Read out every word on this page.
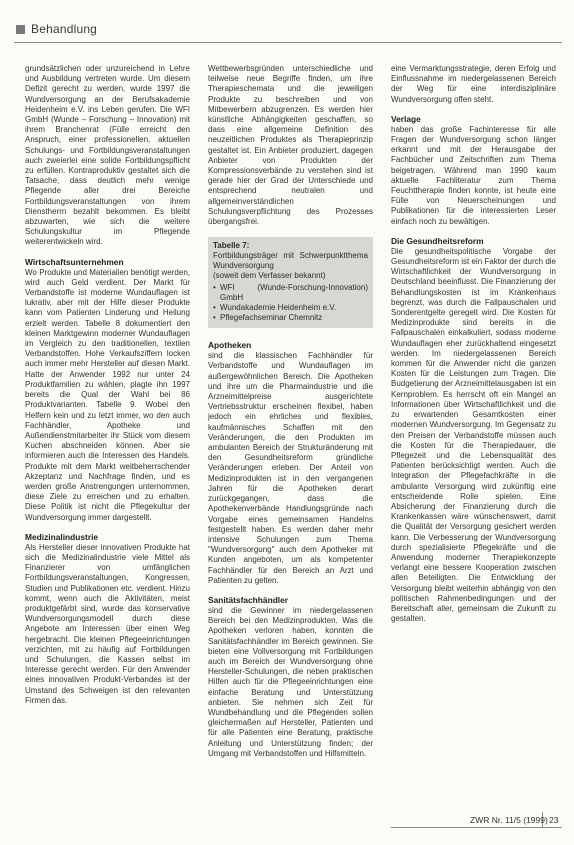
Behandlung

grundsätzlichen oder unzureichend in Lehre und Ausbildung vertreten wurde. Um diesem Defizit gerecht zu werden, wurde 1997 die Wundversorgung an der Berufsakademie Heidenheim e.V. ins Leben gerufen. Die WFI GmbH (Wunde – Forschung – Innovation) mit ihrem Branchenrat (Fülle erreicht den Anspruch, einer professionellen, aktuellen Schulungs- und Fortbildungsveranstaltungen auch zweierlei eine solide Fortbildungspflicht zu erfüllen. Kontraproduktiv gestaltet sich die Tatsache, dass deutlich mehr wenige Pflegende aller drei Bereiche Fortbildungsveranstaltungen von ihrem Dienstherrn bezahlt bekommen. Es bleibt abzuwarten, wie sich die weitere Schulungskultur im Pflegende weiterentwickeln wird.

Wirtschaftsunternehmen

Wo Produkte und Materialien benötigt werden, wird auch Geld verdient. Der Markt für Verbandstoffe ist moderne Wundauflagen ist lukrativ, aber mit der Hilfe dieser Produkte kann vom Patienten Linderung und Heilung erzielt werden. Tabelle 8 dokumentiert den kleinen Marktgewinn moderner Wundauflagen im Vergleich zu den traditionellen, textilen Verbandstoffen. Hohe Verkaufsziffern locken auch immer mehr Hersteller auf diesen Markt. Hatte der Anwender 1992 nur unter 24 Produktfamilien zu wählen, plagte ihn 1997 bereits die Qual der Wahl bei 86 Produktvarianten. Tabelle 9. Wobei den Helfern kein und zu letzt immer, wo den auch Fachhändler, Apotheke und Außendienstmitarbeiter ihr Stück vom diesem Kuchen abschneiden können. Aber sie informieren auch die Interessen des Handels. Produkte mit dem Markt weitbeherrschender Akzeptanz und Nachfrage finden, und es werden große Anstrengungen unternommen, diese Ziele zu erreichen und zu erhalten. Diese Politik ist nicht die Pflegekultur der Wundversorgung immer dargestellt.

Medizinalindustrie

Als Hersteller dieser innovativen Produkte hat sich die Medizinalindustrie viele Mittel als Finanzierer von umfänglichen Fortbildungsveranstaltungen, Kongressen, Studien und Publikationen etc. verdient. Hinzu kommt, wenn auch die Aktivitäten, meist produktgefärbt sind, wurde das konservative Wundversorgungsmodell durch diese Angebote am Interessen über einen Weg hergebracht. Die kleinen Pflegeeinrichtungen verzichten, mit zu häufig auf Fortbildungen und Schulungen, die Kassen selbst im Interesse gerecht werden. Für den Anwender eines innovativen Produkt-Verbandes ist der Umstand des Schweigen ist den relevanten Firmen das.

Wettbewerbsgründen unterschiedliche und teilweise neue Begriffe finden, um ihre Therapieschemata und die jeweiligen Produkte zu beschreiben und von Mitbewerbern abzugrenzen. Es werden hier künstliche Abhängigkeiten geschaffen, so dass eine allgemeine Definition des neuzeitlichen Produktes als Therapieprinzip gestaltet ist. Ein Anbieter produziert, dagegen Anbieter von Produkten der Kompressionsverbände zu verstehen sind ist gerade hier der Grad der Unterschiede und entsprechend neutralen und allgemeinverständlichen Schulungsverpflichtung des Prozesses übergangsfrei.

Tabelle 7:
Fortbildungsträger mit Schwerpunktthema Wundversorgung
(soweit dem Verfasser bekannt)
• WFI (Wunde-Forschung-Innovation) GmbH
• Wundakademie Heidenheim e.V.
• Pflegefachseminar Chemnitz
Apotheken

sind die klassischen Fachhändler für Verbandstoffe und Wundauflagen im außergewöhnlichen Bereich. Die Apotheken und ihre um die Pharmaindustrie und die Arzneimittelpreise ausgerichtete Vertriebsstruktur erscheinen flexibel, haben jedoch ein ehrliches und flexibles, kaufmännisches Schaffen mit den Veränderungen, die den Produkten im ambulanten Bereich der Strukturänderung mit den Gesundheitsreform gründliche Veränderungen erleben. Der Anteil von Medizinprodukten ist in den vergangenen Jahren für die Apotheken derart zurückgegangen, dass die Apothekenverbände Handlungsgründe nach Vorgabe eines gemeinsamen Handelns festgestellt haben. Es werden daher mehr intensive Schulungen zum Thema "Wundversorgung" auch dem Apotheker mit Kunden angeboten, um als kompetenter Fachhändler für den Bereich an Arzt und Patienten zu gelten.

Sanitätsfachhändler

sind die Gewinner im niedergelassenen Bereich bei den Medizinprodukten. Was die Apotheken verloren haben, konnten die Sanitätsfachhändler im Bereich gewinnen. Sie bieten eine Vollversorgung mit Fortbildungen auch im Bereich der Wundversorgung ohne Hersteller-Schulungen, die neben praktischen Hilfen auch für die Pflegeeinrichtungen eine einfache Beratung und Unterstützung anbieten. Sie nehmen sich Zeit für Wundbehandlung und die Pflegenden sollen gleichermaßen auf Hersteller, Patienten und für alle Patienten eine Beratung, praktische Anleitung und Unterstützung finden; der Umgang mit Verbandstoffen und Hilfsmitteln.

eine Vermarktungsstrategie, deren Erfolg und Einflussnahme im niedergelassenen Bereich der Weg für eine interdisziplinäre Wundversorgung offen steht.

Verlage

haben das große Fachinteresse für alle Fragen der Wundversorgung schon länger erkannt und mit der Herausgabe der Fachbücher und Zeitschriften zum Thema beigetragen. Während man 1990 kaum aktuelle Fachliteratur zum Thema Feuchttherapie finden konnte, ist heute eine Fülle von Neuerscheinungen und Publikationen für die interessierten Leser einfach noch zu bewältigen.

Die Gesundheitsreform

Die gesundheitspolitische Vorgabe der Gesundheitsreform ist ein Faktor der durch die Wirtschaftlichkeit der Wundversorgung in Deutschland beeinflusst. Die Finanzierung der Behandlungskosten ist im Krankenhaus begrenzt, was durch die Fallpauschalen und Sonderentgelte geregelt wird. Die Kosten für Medizinprodukte sind bereits in die Fallpauschalen einkalkuliert, sodass moderne Wundauflagen eher zurückhaltend eingesetzt werden. Im niedergelassenen Bereich kommen für die Anwender nicht die ganzen Kosten für die Leistungen zum Tragen. Die Budgetierung der Arzneimittelausgaben ist ein Kernproblem. Es herrscht oft ein Mangel an Informationen über Wirtschaftlichkeit und die zu erwartenden Gesamtkosten einer modernen Wundversorgung. Im Gegensatz zu den Preisen der Verbandstoffe müssen auch die Kosten für die Therapiedauer, die Pflegezeit und die Lebensqualität des Patienten berücksichtigt werden. Auch die Integration der Pflegefachkräfte in die ambulante Versorgung wird zukünftig eine entscheidende Rolle spielen. Eine Absicherung der Finanzierung durch die Krankenkassen wäre wünschenswert, damit die Qualität der Versorgung gesichert werden kann. Die Verbesserung der Wundversorgung durch spezialisierte Pflegekräfte und die Anwendung moderner Therapiekonzepte verlangt eine bessere Kooperation zwischen allen Beteiligten. Die Entwicklung der Versorgung bleibt weiterhin abhängig von den politischen Rahmenbedingungen und der Bereitschaft aller, gemeinsam die Zukunft zu gestalten.

ZWR Nr. 11/5 (1999) 23
